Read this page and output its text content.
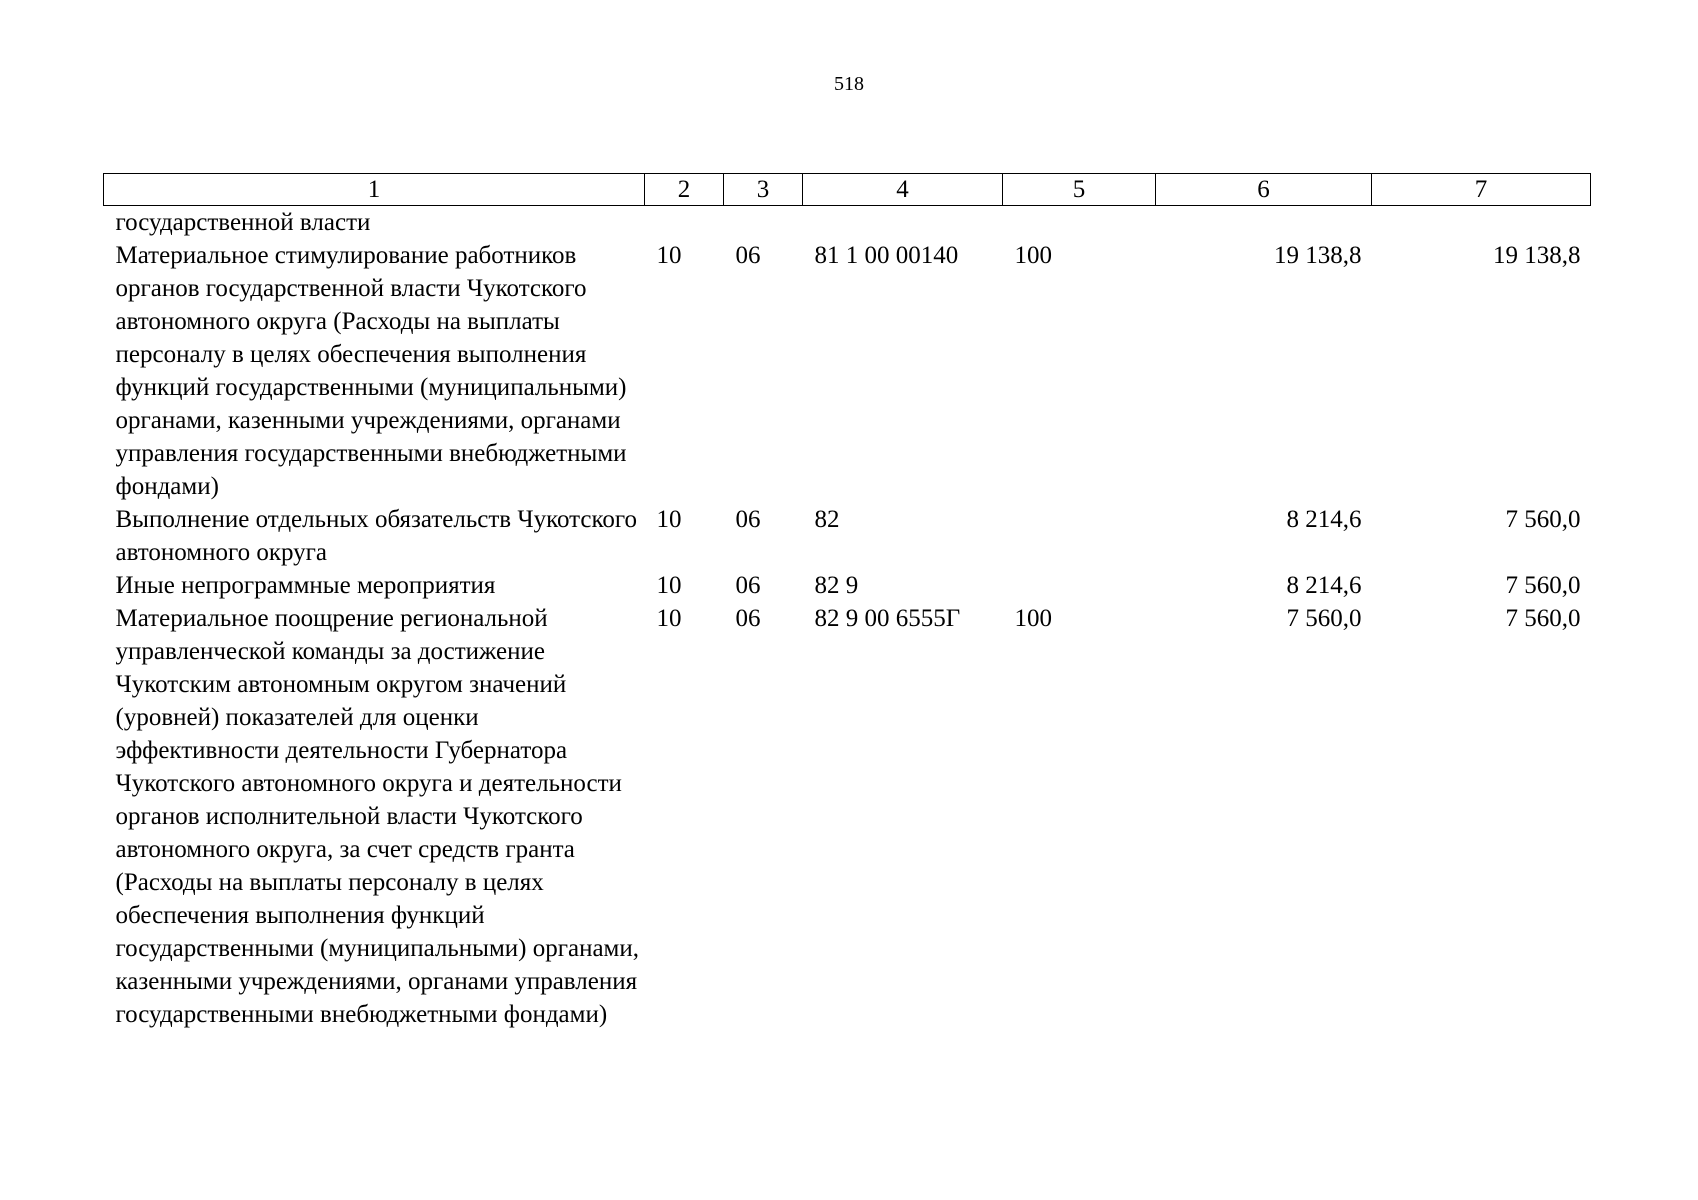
518
1	2	3	4	5	6	7
государственной власти						
Материальное стимулирование работников органов государственной власти Чукотского автономного округа (Расходы на выплаты персоналу в целях обеспечения выполнения функций государственными (муниципальными) органами, казенными учреждениями, органами управления государственными внебюджетными фондами)	10	06	81 1 00 00140	100	19 138,8	19 138,8
Выполнение отдельных обязательств Чукотского автономного округа	10	06	82		8 214,6	7 560,0
Иные непрограммные мероприятия	10	06	82 9		8 214,6	7 560,0
Материальное поощрение региональной управленческой команды за достижение Чукотским автономным округом значений (уровней) показателей для оценки эффективности деятельности Губернатора Чукотского автономного округа и деятельности органов исполнительной власти Чукотского автономного округа, за счет средств гранта (Расходы на выплаты персоналу в целях обеспечения выполнения функций государственными (муниципальными) органами, казенными учреждениями, органами управления государственными внебюджетными фондами)	10	06	82 9 00 6555Г	100	7 560,0	7 560,0
